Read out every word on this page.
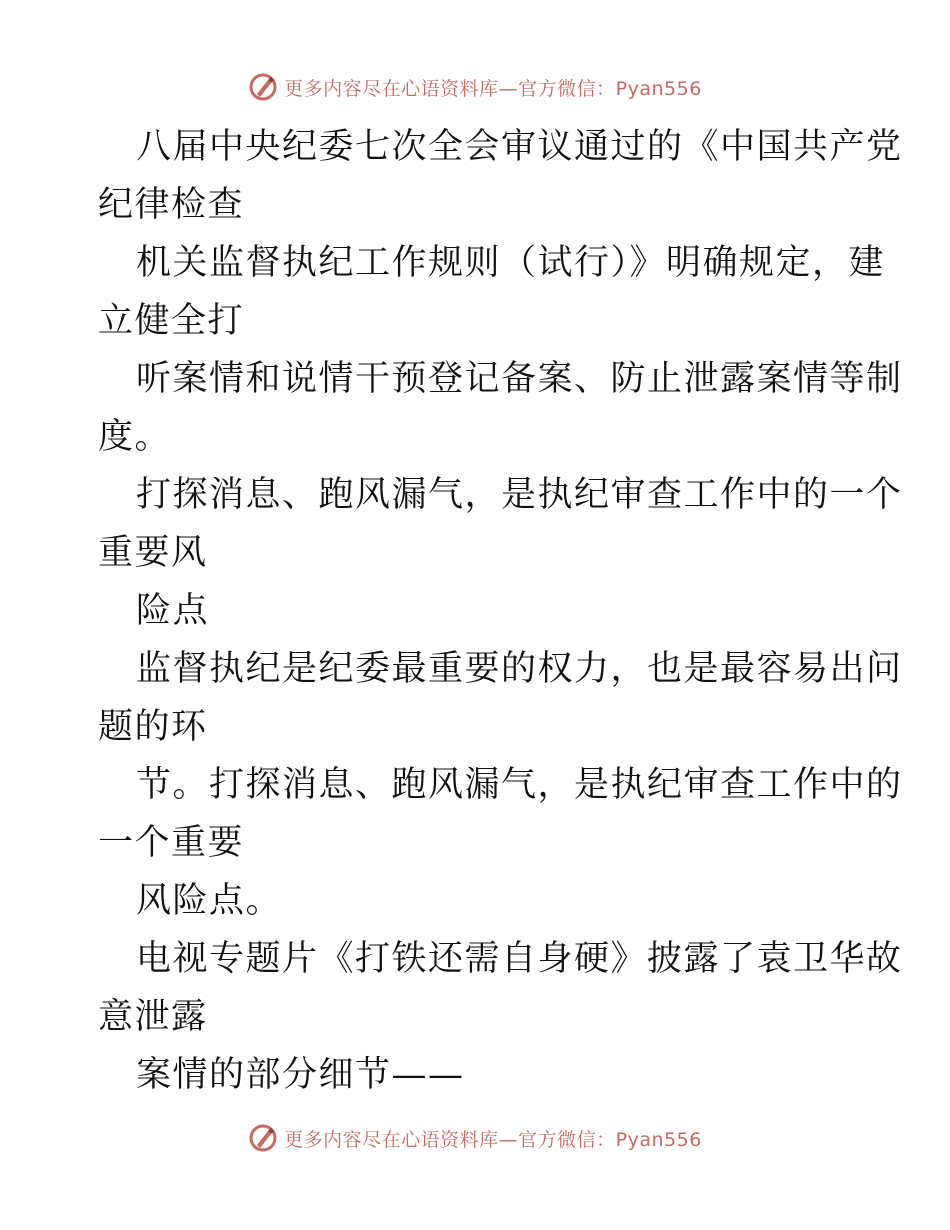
更多内容尽在心语资料库—官方微信：Pyan556
八届中央纪委七次全会审议通过的《中国共产党
纪律检查
机关监督执纪工作规则（试行）》明确规定，建
立健全打
听案情和说情干预登记备案、防止泄露案情等制
度。
打探消息、跑风漏气，是执纪审查工作中的一个
重要风
险点
监督执纪是纪委最重要的权力，也是最容易出问
题的环
节。打探消息、跑风漏气，是执纪审查工作中的
一个重要
风险点。
电视专题片《打铁还需自身硬》披露了袁卫华故
意泄露
案情的部分细节——
更多内容尽在心语资料库—官方微信：Pyan556
